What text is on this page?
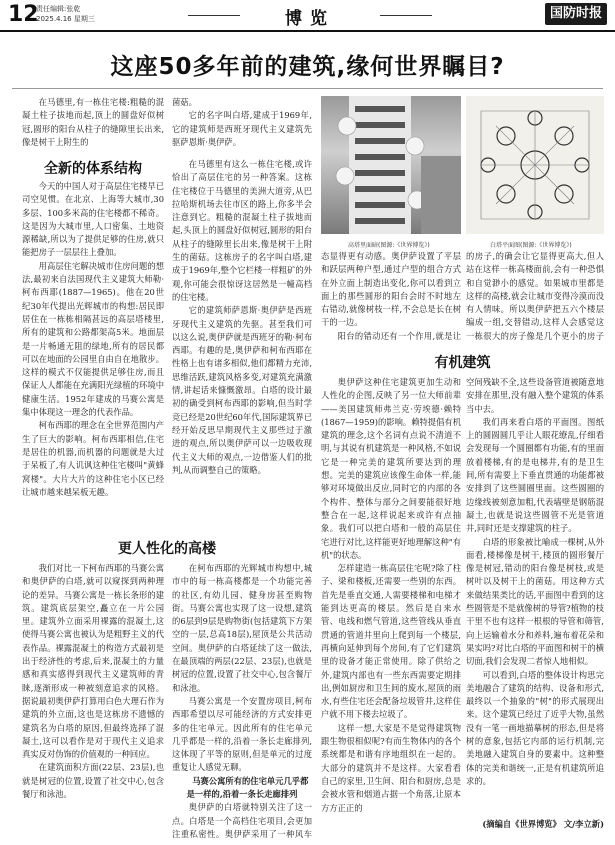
12
责任编辑:张乾
2025.4.16 星期三	博览	国防时报
这座50多年前的建筑,缘何世界瞩目?

在马德里,有一栋住宅楼:粗糙的混凝土柱子拔地而起,顶上的圆盘好似树冠,圆形的阳台从柱子的缝隙里长出来,像是树干上附生的

菌菇。

它的名字叫白塔,建成于1969年,它的建筑师是西班牙现代主义建筑先驱萨恩斯·奥伊萨。

高塔里面暗(图源:《世界博览》)	白塔平面图(图源:《世界博览》)
全新的体系结构

今天的中国人对于高层住宅楼早已司空见惯。在北京、上海等大城市,30多层、100多米高的住宅楼都不稀奇。这是因为大城市里,人口密集、土地资源稀缺,所以为了提供足够的住房,就只能把房子一层层往上叠加。

用高层住宅解决城市住房问题的想法,最初来自法国现代主义建筑大师勒·柯布西耶(1887—1965)。他在20世纪30年代提出光辉城市的构想:居民即居住在一栋栋相隔甚远的高层塔楼里,所有的建筑和公路都架高5米。地面层是一片畅通无阻的绿地,所有的居民都可以在地面的公园里自由自在地散步。这样的模式不仅能提供足够住房,而且保证人人都能在充满阳光绿植的环境中健康生活。1952年建成的马赛公寓是集中体现这一理念的代表作品。

柯布西耶的理念在全世界范围内产生了巨大的影响。柯布西耶相信,住宅是居住的机器,而机器的问题就是大过于呆板了,有人讥讽这种住宅楼叫"黄蜂窝楼"。大片大片的这种住宅小区已经让城市越来越呆板无趣。

在马德里有这么一栋住宅楼,或许恰出了高层住宅的另一种答案。这栋住宅楼位于马德里的美洲大道旁,从巴拉哈斯机场去往市区的路上,你多半会注意到它。粗糙的混凝土柱子拔地而起,头顶上的圆盘好似树冠,圆形的阳台从柱子的缝隙里长出来,像是树干上附生的菌菇。这栋房子的名字叫白塔,建成于1969年,整个它栏楼一样粗矿的外观,你可能会很惊讶这居然是一幢高档的住宅楼。

它的建筑师萨恩斯·奥伊萨是西班牙现代主义建筑的先驱。甚至我们可以这么说,奥伊萨就是西班牙的勒·柯布西耶。有趣的是,奥伊萨和柯布西耶在性格上也有诸多相似,他们都精力充沛,思维活跃,建筑风格多变,对建筑充满激情,讲起话来慷慨激昂。白塔的设计最初的确受到柯布西耶的影响,但当时学竞已经是20世纪60年代,国际建筑界已经开始反思早期现代主义那些过于激进的观点,所以奥伊萨可以一边吸收现代主义大师的观点,一边借鉴人们的批判,从而调整自己的策略。

态显得更有动感。奥伊萨设置了平层和跃层两种户型,通过户型的组合方式在外立面上制造出变化,你可以看到立面上的那些圆形的阳台会时不时地左右错动,就像树枝一样,不会总是长在树干的一边。

阳台的错动还有一个作用,就是让

的房子,的确会让它显得更高大,但人站在这样一栋高楼面前,会有一种恐惧和自觉渺小的感觉。如果城市里都是这样的高楼,就会让城市变得冷漠而没有人情味。所以奥伊萨把五六个楼层编成一组,交替错动,这样人会感觉这一栋很大的房子像是几个更小的房子

有机建筑

奥伊萨这种住宅建筑更加生动和人性化的企图,反映了另一位大师前辈——美国建筑师弗兰克·劳埃德·赖特(1867—1959)的影响。赖特提倡有机建筑的理念,这个名词有点说不清道不明,与其说有机建筑是一种风格,不如说它是一种完美的建筑所要达到的理想。完美的建筑应该像生命体一样,能够对环境做出反应,同时它的内部的各个构件、整体与部分之间要能很好地整合在一起,这样说起来或许有点抽象。我们可以把白塔和一般的高层住宅进行对比,这样能更好地理解这种"有机"的状态。

怎样建造一栋高层住宅呢?除了柱子、梁和楼板,还需要一些别的东西。首先是垂直交通,人需要楼梯和电梯才能到达更高的楼层。然后是自来水管、电线和燃气管道,这些管线从垂直贯通的管道井里向上爬到每一个楼层,再横向延伸到每个房间,有了它们建筑里的设备才能正常使用。除了供给之外,建筑内部也有一些东西需要定期排出,例如厨房和卫生间的废水,屋顶的雨水,有些住宅还会配备垃圾管井,这样住户就不用下楼去垃圾了。

这样一想,大家是不是觉得建筑物跟生物很相似呢?有而生物体内的各个系统都是和谐有序地组织在一起的。大部分的建筑并不是这样。大家看看自己的家里,卫生间、阳台和厨房,总是会被水管和烟道占据一个角落,让原本方方正正的

空间残缺不全,这些设备管道被随意地安排在那里,没有融入整个建筑的体系当中去。

我们再来看白塔的平面图。图纸上的圆圆圆几乎让人眼花缭乱,仔细看会发现每一个圆圈都有功能,有的里面放着楼梯,有的是电梯井,有的是卫生间,所有需要上下垂直贯通的功能都被安排到了这些圆圈里面。这些圆圈的边缘线被刻意加粗,代表墙壁是钢筋混凝土,也就是说这些圆管不光是管道井,同时还是支撑建筑的柱子。

白塔的形象被比喻成一棵树,从外面看,楼梯像是树干,楼顶的圆形餐厅像是树冠,错动的阳台像是树枝,或是树叶以及树干上的菌菇。用这种方式来做结果类比的话,平面图中看到的这些圆管是不是就像树的导管?植物的枝干里不也有这样一根根的导管和筛管,向上运输着水分和养料,遍布着花朵和果实吗?对比白塔的平面图和树干的横切面,我们会发现二者惊人地相似。

可以看到,白塔的整体设计构思完美地融合了建筑的结构、设备和形式,最终以一个抽象的"树"的形式展现出来。这个建筑已经过了近乎大物,虽然没有一笔一画地描摹树的形态,但是将树的意象,包括它内部的运行机制,完美地融入建筑自身的要素中。这种整体的完美和谐统一,正是有机建筑所追求的。

(摘编自《世界博览》 文/李立新)
更人性化的高楼

我们对比一下柯布西耶的马赛公寓和奥伊萨的白塔,就可以窥探到两种理论的差异。马赛公寓是一栋长条形的建筑。建筑底层架空,矗立在一片公园里。建筑外立面采用裸露的混凝土,这使得马赛公寓也被认为是粗野主义的代表作品。裸露混凝土的构造方式最初是出于经济性的考虑,后来,混凝土的力量感和真实感得到现代主义建筑师的青睐,逐渐形成一种被刻意追求的风格。据说最初奥伊萨打算用白色大理石作为建筑的外立面,这也是这栋房不遗憾的建筑名为白塔的原因,但最终选择了混凝土,这可以看作是对于现代主义追求真实反对伪饰的价值观的一种回应。

在建筑面积方面(22层、23层),也就是树冠的位置,设置了社交中心,包含餐厅和泳池。

在柯布西耶的光辉城市构想中,城市中的每一栋高楼都是一个功能完善的社区,有幼儿园、健身房甚至购物街。马赛公寓也实现了这一设想,建筑的6层到9层是购物街(包括建筑下方架空的一层,总高18层),屋顶是公共活动空间。奥伊萨的白塔延续了这一做法,在最顶端的两层(22层、23层),也就是树冠的位置,设置了社交中心,包含餐厅和泳池。

马赛公寓是一个安置房项目,柯布西耶希望以尽可能经济的方式安排更多的住宅单元。因此所有的住宅单元几乎都是一样的,沿着一条长走廊排列,这体现了平等的原则,但是单元的过度重复让人感觉无聊。

马赛公寓所有的住宅单元几乎都是一样的,沿着一条长走廊排列

奥伊萨的白塔就特别关注了这一点。白塔是一个高档住宅项目,会更加注重私密性。奥伊萨采用了一种风车
